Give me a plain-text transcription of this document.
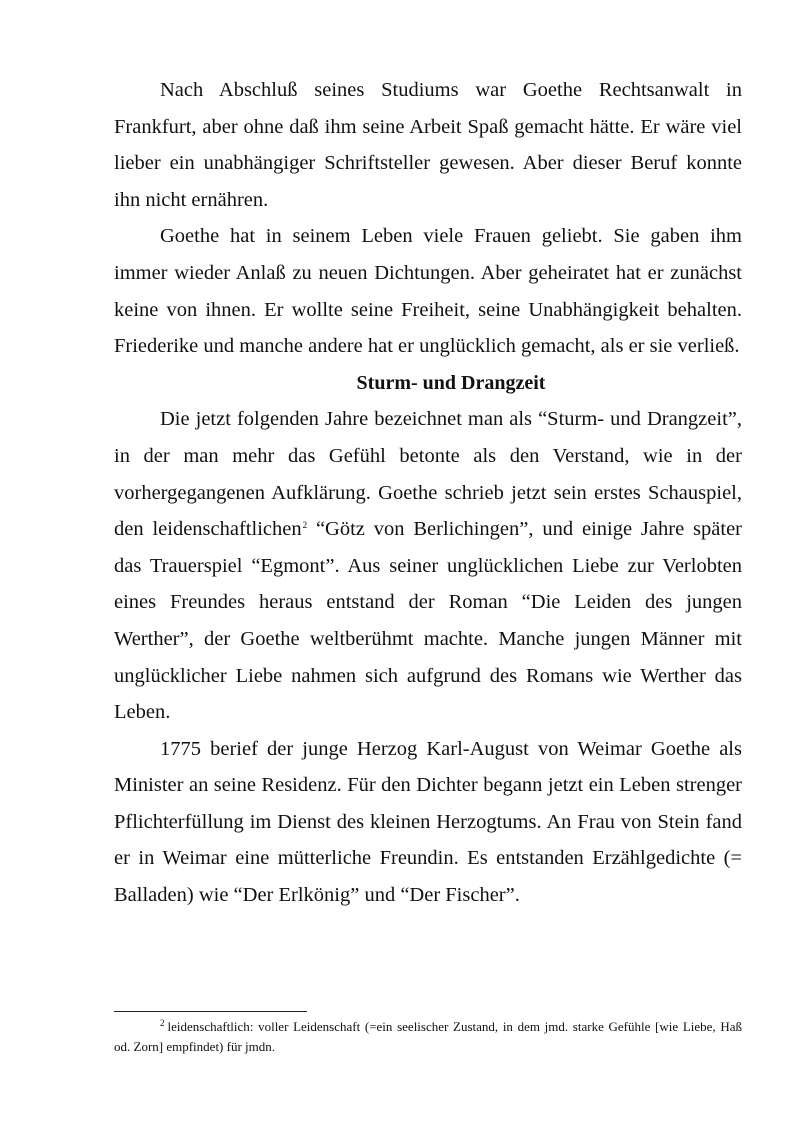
Nach Abschluß seines Studiums war Goethe Rechtsanwalt in Frankfurt, aber ohne daß ihm seine Arbeit Spaß gemacht hätte. Er wäre viel lieber ein unabhängiger Schriftsteller gewesen. Aber dieser Beruf konnte ihn nicht ernähren.

Goethe hat in seinem Leben viele Frauen geliebt. Sie gaben ihm immer wieder Anlaß zu neuen Dichtungen. Aber geheiratet hat er zunächst keine von ihnen. Er wollte seine Freiheit, seine Unabhängigkeit behalten. Friederike und manche andere hat er unglücklich gemacht, als er sie verließ.

Sturm- und Drangzeit

Die jetzt folgenden Jahre bezeichnet man als “Sturm- und Drangzeit”, in der man mehr das Gefühl betonte als den Verstand, wie in der vorhergegangenen Aufklärung. Goethe schrieb jetzt sein erstes Schauspiel, den leidenschaftlichen$^2$ “Götz von Berlichingen”, und einige Jahre später das Trauerspiel “Egmont”. Aus seiner unglücklichen Liebe zur Verlobten eines Freundes heraus entstand der Roman “Die Leiden des jungen Werther”, der Goethe weltberühmt machte. Manche jungen Männer mit unglücklicher Liebe nahmen sich aufgrund des Romans wie Werther das Leben.

1775 berief der junge Herzog Karl-August von Weimar Goethe als Minister an seine Residenz. Für den Dichter begann jetzt ein Leben strenger Pflichterfüllung im Dienst des kleinen Herzogtums. An Frau von Stein fand er in Weimar eine mütterliche Freundin. Es entstanden Erzählgedichte (= Balladen) wie “Der Erlkönig” und “Der Fischer”.

$^2$ leidenschaftlich: voller Leidenschaft (=ein seelischer Zustand, in dem jmd. starke Gefühle [wie Liebe, Haß od. Zorn] empfindet) für jmdn.
